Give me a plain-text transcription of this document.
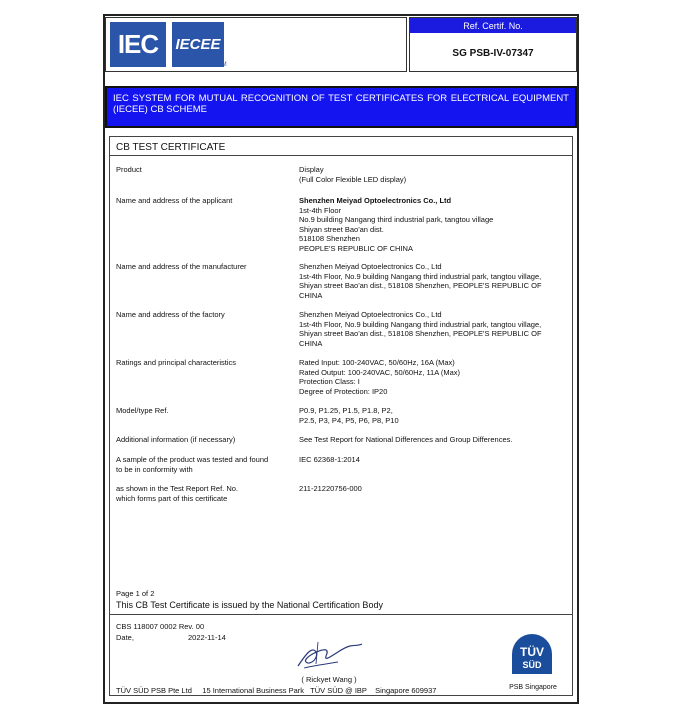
IEC
®
IECEE
TM
Ref. Certif. No.
SG PSB-IV-07347
IEC SYSTEM FOR MUTUAL RECOGNITION OF TEST CERTIFICATES FOR ELECTRICAL EQUIPMENT (IECEE) CB SCHEME
CB TEST CERTIFICATE
Product	Display
(Full Color Flexible LED display)
Name and address of the applicant	Shenzhen Meiyad Optoelectronics Co., Ltd
1st-4th Floor
No.9 building Nangang third industrial park, tangtou village
Shiyan street Bao'an dist.
518108 Shenzhen
PEOPLE'S REPUBLIC OF CHINA
Name and address of the manufacturer	Shenzhen Meiyad Optoelectronics Co., Ltd
1st-4th Floor, No.9 building Nangang third industrial park, tangtou village,
Shiyan street Bao'an dist., 518108 Shenzhen, PEOPLE'S REPUBLIC OF
CHINA
Name and address of the factory	Shenzhen Meiyad Optoelectronics Co., Ltd
1st-4th Floor, No.9 building Nangang third industrial park, tangtou village,
Shiyan street Bao'an dist., 518108 Shenzhen, PEOPLE'S REPUBLIC OF
CHINA
Ratings and principal characteristics	Rated Input: 100-240VAC, 50/60Hz, 16A (Max)
Rated Output: 100-240VAC, 50/60Hz, 11A (Max)
Protection Class: I
Degree of Protection: IP20
Model/type Ref.	P0.9, P1.25, P1.5, P1.8, P2,
P2.5, P3, P4, P5, P6, P8, P10
Additional information (if necessary)	See Test Report for National Differences and Group Differences.
A sample of the product was tested and found
to be in conformity with
IEC 62368-1:2014
as shown in the Test Report Ref. No.
which forms part of this certificate
211-21220756-000
Page 1 of 2
This CB Test Certificate is issued by the National Certification Body
CBS 118007 0002 Rev. 00
Date,	2022-11-14
( Rickyet Wang )
TÜV
SÜD
PSB Singapore
TÜV SÜD PSB Pte Ltd     15 International Business Park   TÜV SÜD @ IBP    Singapore 609937
